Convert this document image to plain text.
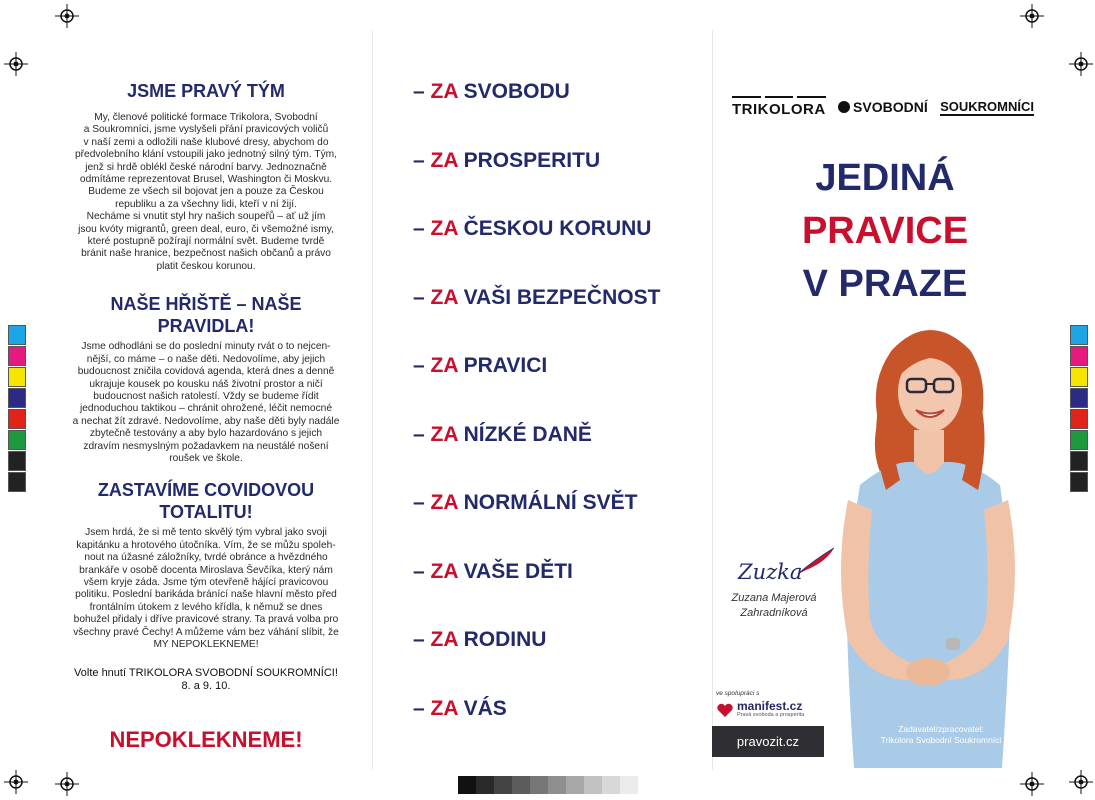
JSME PRAVÝ TÝM

My, členové politické formace Trikolora, Svobodní
a Soukromníci, jsme vyslyšeli přání pravicových voličů
v naší zemi a odložili naše klubové dresy, abychom do
předvolebního klání vstoupili jako jednotný silný tým. Tým,
jenž si hrdě oblékl české národní barvy. Jednoznačně
odmítáme reprezentovat Brusel, Washington či Moskvu.
Budeme ze všech sil bojovat jen a pouze za Českou
republiku a za všechny lidi, kteří v ní žijí.
Necháme si vnutit styl hry našich soupeřů – ať už jím
jsou kvóty migrantů, green deal, euro, či všemožné ismy,
které postupně požírají normální svět. Budeme tvrdě
bránit naše hranice, bezpečnost našich občanů a právo
platit českou korunou.

NAŠE HŘIŠTĚ – NAŠE PRAVIDLA!

Jsme odhodláni se do poslední minuty rvát o to nejcen-
nější, co máme – o naše děti. Nedovolíme, aby jejich
budoucnost zničila covidová agenda, která dnes a denně
ukrajuje kousek po kousku náš životní prostor a ničí
budoucnost našich ratolestí. Vždy se budeme řídit
jednoduchou taktikou – chránit ohrožené, léčit nemocné
a nechat žít zdravé. Nedovolíme, aby naše děti byly nadále
zbytečně testovány a aby bylo hazardováno s jejich
zdravím nesmyslným požadavkem na neustálé nošení
roušek ve škole.

ZASTAVÍME COVIDOVOU TOTALITU!

Jsem hrdá, že si mě tento skvělý tým vybral jako svoji
kapitánku a hrotového útočníka. Vím, že se můžu spoleh-
nout na úžasné záložníky, tvrdé obránce a hvězdného
brankáře v osobě docenta Miroslava Ševčíka, který nám
všem kryje záda. Jsme tým otevřeně hájící pravicovou
politiku. Poslední barikáda bránící naše hlavní město před
frontálním útokem z levého křídla, k němuž se dnes
bohužel přidaly i dříve pravicové strany. Ta pravá volba pro
všechny pravé Čechy! A můžeme vám bez váhání slíbit, že
MY NEPOKLEKNEME!

Volte hnutí TRIKOLORA SVOBODNÍ SOUKROMNÍCI!
8. a 9. 10.
NEPOKLEKNEME!
– ZA SVOBODU
– ZA PROSPERITU
– ZA ČESKOU KORUNU
– ZA VAŠI BEZPEČNOST
– ZA PRAVICI
– ZA NÍZKÉ DANĚ
– ZA NORMÁLNÍ SVĚT
– ZA VAŠE DĚTI
– ZA RODINU
– ZA VÁS
TRIKOLORA SVOBODNÍ SOUKROMNÍCI
JEDINÁ
PRAVICE
V PRAZE
Zuzka
Zuzana Majerová
Zahradníková
ve spolupráci s
manifest.cz
Pravá svoboda a prosperita
pravozit.cz
Zadavatel/zpracovatel:
Trikolora Svobodní Soukromníci
